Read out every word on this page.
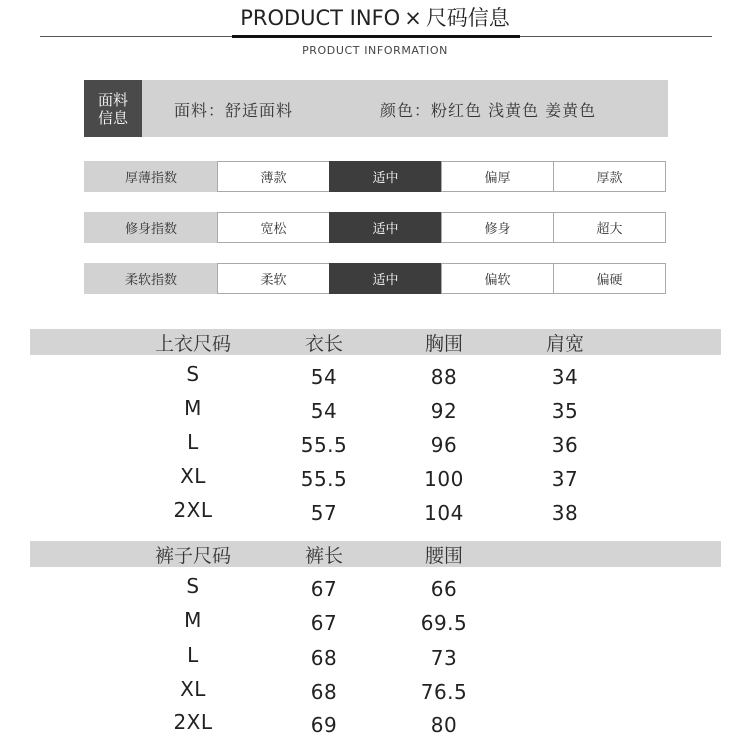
PRODUCT INFO × 尺码信息
PRODUCT INFORMATION
面料
信息	面料：舒适面料	颜色：粉红色 浅黄色 姜黄色
厚薄指数	薄款	适中	偏厚	厚款
修身指数	宽松	适中	修身	超大
柔软指数	柔软	适中	偏软	偏硬
上衣尺码	衣长	胸围	肩宽
S	54	88	34
M	54	92	35
L	55.5	96	36
XL	55.5	100	37
2XL	57	104	38
裤子尺码	裤长	腰围
S	67	66
M	67	69.5
L	68	73
XL	68	76.5
2XL	69	80
